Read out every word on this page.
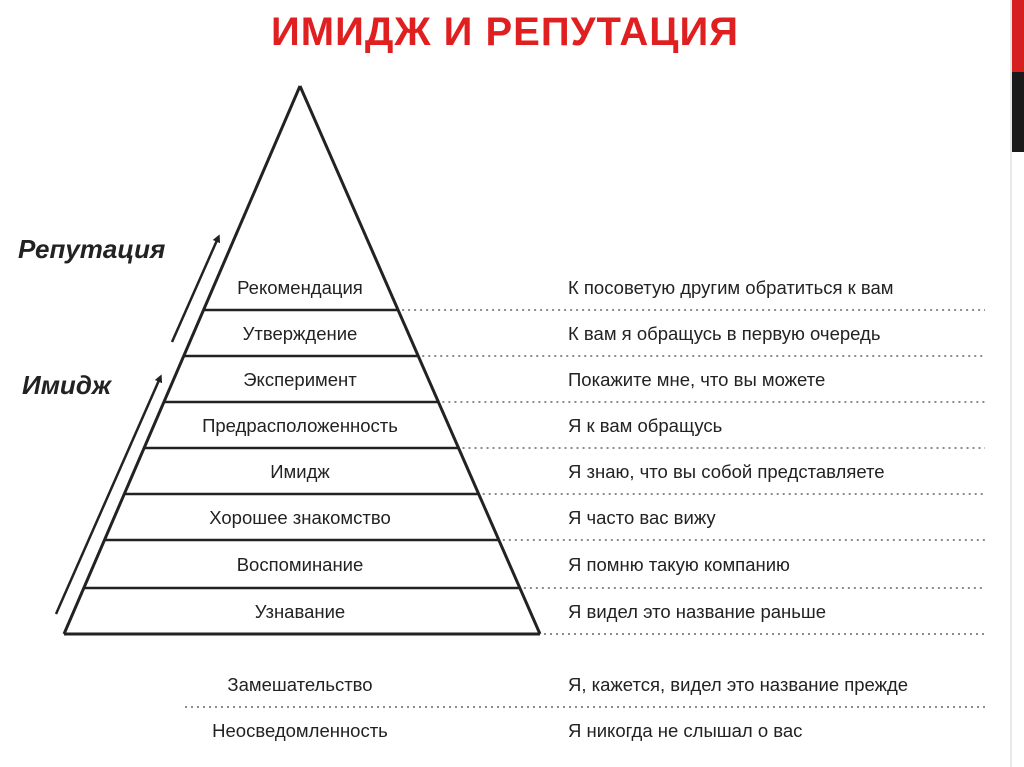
ИМИДЖ И РЕПУТАЦИЯ
Рекомендация	К посоветую другим обратиться к вам
Утверждение	К вам я обращусь в первую очередь
Эксперимент	Покажите мне, что вы можете
Предрасположенность	Я к вам обращусь
Имидж	Я знаю, что вы собой представляете
Хорошее знакомство	Я часто вас вижу
Воспоминание	Я помню такую компанию
Узнавание	Я видел это название раньше
Замешательство	Я, кажется, видел это название прежде
Неосведомленность	Я никогда не слышал о вас
Репутация
Имидж
